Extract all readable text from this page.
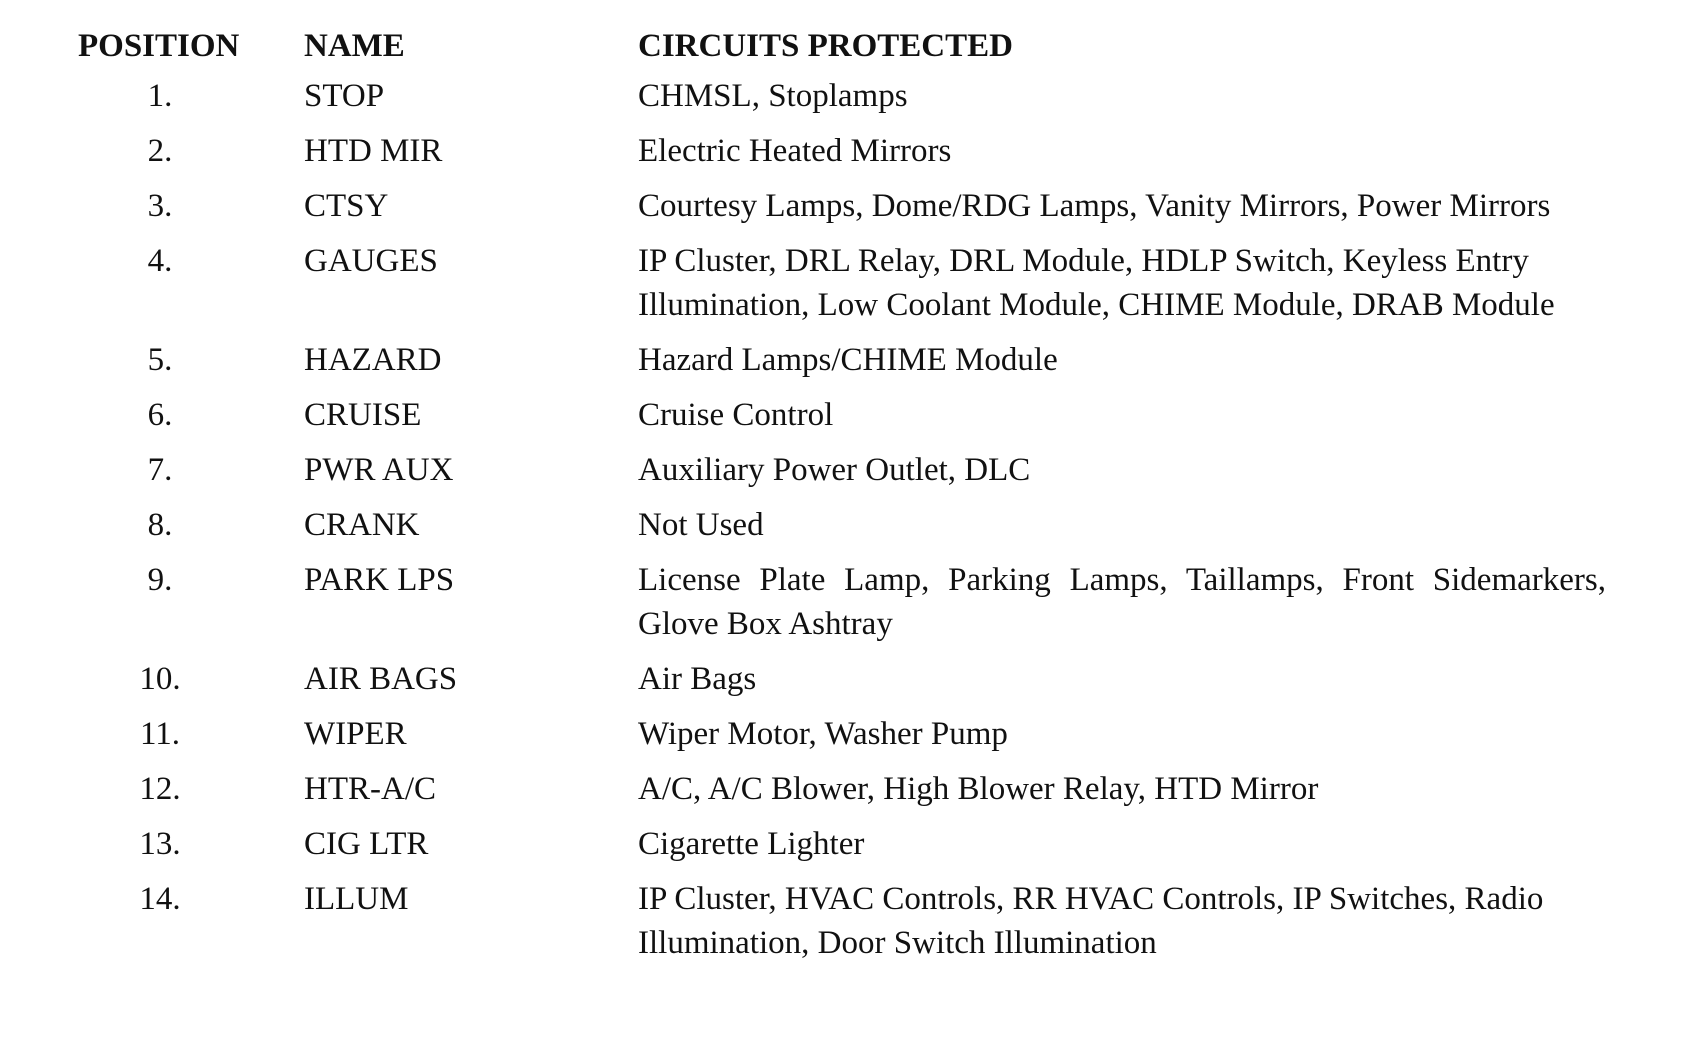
POSITION	NAME	CIRCUITS PROTECTED
1.	STOP	CHMSL, Stoplamps
2.	HTD MIR	Electric Heated Mirrors
3.	CTSY	Courtesy Lamps, Dome/RDG Lamps, Vanity Mirrors, Power Mirrors
4.	GAUGES	IP Cluster, DRL Relay, DRL Module, HDLP Switch, Keyless Entry Illumination, Low Coolant Module, CHIME Module, DRAB Module
5.	HAZARD	Hazard Lamps/CHIME Module
6.	CRUISE	Cruise Control
7.	PWR AUX	Auxiliary Power Outlet, DLC
8.	CRANK	Not Used
9.	PARK LPS	License Plate Lamp, Parking Lamps, Taillamps, Front Sidemarkers, Glove Box Ashtray
10.	AIR BAGS	Air Bags
11.	WIPER	Wiper Motor, Washer Pump
12.	HTR-A/C	A/C, A/C Blower, High Blower Relay, HTD Mirror
13.	CIG LTR	Cigarette Lighter
14.	ILLUM	IP Cluster, HVAC Controls, RR HVAC Controls, IP Switches, Radio Illumination, Door Switch Illumination
